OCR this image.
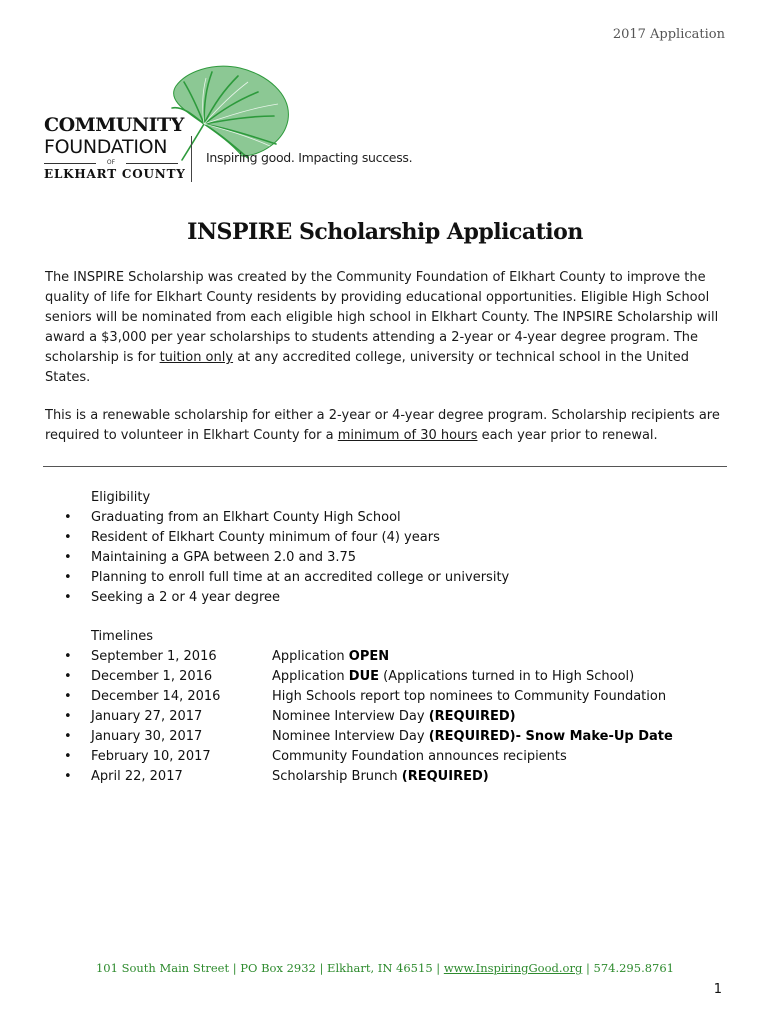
2017 Application
COMMUNITY
FOUNDATION
OF
ELKHART COUNTY
Inspiring good. Impacting success.
INSPIRE Scholarship Application
The INSPIRE Scholarship was created by the Community Foundation of Elkhart County to improve the quality of life for Elkhart County residents by providing educational opportunities. Eligible High School seniors will be nominated from each eligible high school in Elkhart County. The INPSIRE Scholarship will award a $3,000 per year scholarships to students attending a 2-year or 4-year degree program. The scholarship is for tuition only at any accredited college, university or technical school in the United States.
This is a renewable scholarship for either a 2-year or 4-year degree program. Scholarship recipients are required to volunteer in Elkhart County for a minimum of 30 hours each year prior to renewal.
Eligibility
• Graduating from an Elkhart County High School
• Resident of Elkhart County minimum of four (4) years
• Maintaining a GPA between 2.0 and 3.75
• Planning to enroll full time at an accredited college or university
• Seeking a 2 or 4 year degree
Timelines
• September 1, 2016	Application OPEN
• December 1, 2016	Application DUE (Applications turned in to High School)
• December 14, 2016	High Schools report top nominees to Community Foundation
• January 27, 2017	Nominee Interview Day (REQUIRED)
• January 30, 2017	Nominee Interview Day (REQUIRED)- Snow Make-Up Date
• February 10, 2017	Community Foundation announces recipients
• April 22, 2017	Scholarship Brunch (REQUIRED)
101 South Main Street | PO Box 2932 | Elkhart, IN 46515 | www.InspiringGood.org | 574.295.8761
1
